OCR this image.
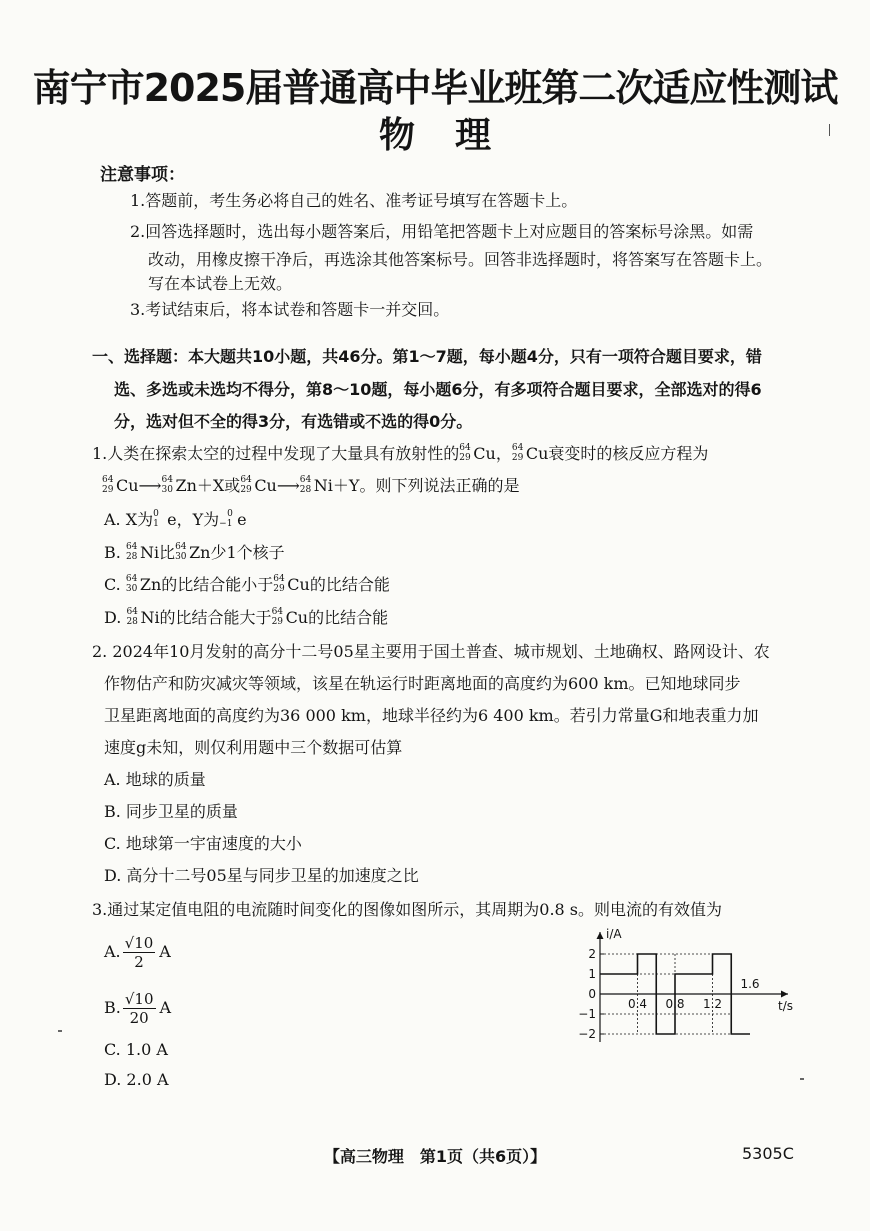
南宁市2025届普通高中毕业班第二次适应性测试
物理
注意事项：
1.答题前，考生务必将自己的姓名、准考证号填写在答题卡上。
2.回答选择题时，选出每小题答案后，用铅笔把答题卡上对应题目的答案标号涂黑。如需
改动，用橡皮擦干净后，再选涂其他答案标号。回答非选择题时，将答案写在答题卡上。
写在本试卷上无效。
3.考试结束后，将本试卷和答题卡一并交回。
一、选择题：本大题共10小题，共46分。第1～7题，每小题4分，只有一项符合题目要求，错
选、多选或未选均不得分，第8～10题，每小题6分，有多项符合题目要求，全部选对的得6
分，选对但不全的得3分，有选错或不选的得0分。
1.人类在探索太空的过程中发现了大量具有放射性的 64
29 Cu， 64
29 Cu衰变时的核反应方程为
64
29 Cu⟶ 64
30 Zn＋X或 64
29 Cu⟶ 64
28 Ni＋Y。则下列说法正确的是
A. X为 0
1 e，Y为 0
−1 e
B. 64
28 Ni比 64
30 Zn少1个核子
C. 64
30 Zn的比结合能小于 64
29 Cu的比结合能
D. 64
28 Ni的比结合能大于 64
29 Cu的比结合能
2. 2024年10月发射的高分十二号05星主要用于国土普查、城市规划、土地确权、路网设计、农
作物估产和防灾减灾等领域，该星在轨运行时距离地面的高度约为600 km。已知地球同步
卫星距离地面的高度约为36 000 km，地球半径约为6 400 km。若引力常量G和地表重力加
速度g未知，则仅利用题中三个数据可估算
A. 地球的质量
B. 同步卫星的质量
C. 地球第一宇宙速度的大小
D. 高分十二号05星与同步卫星的加速度之比
3.通过某定值电阻的电流随时间变化的图像如图所示，其周期为0.8 s。则电流的有效值为
A. $\frac{√10}{2}$ A
B. $\frac{√10}{20}$ A
C. 1.0 A
D. 2.0 A
i/A
t/s
2
1
0
−1
−2
0.4 0.8 1.2
1.6
【高三物理　第1页（共6页）】	5305C
